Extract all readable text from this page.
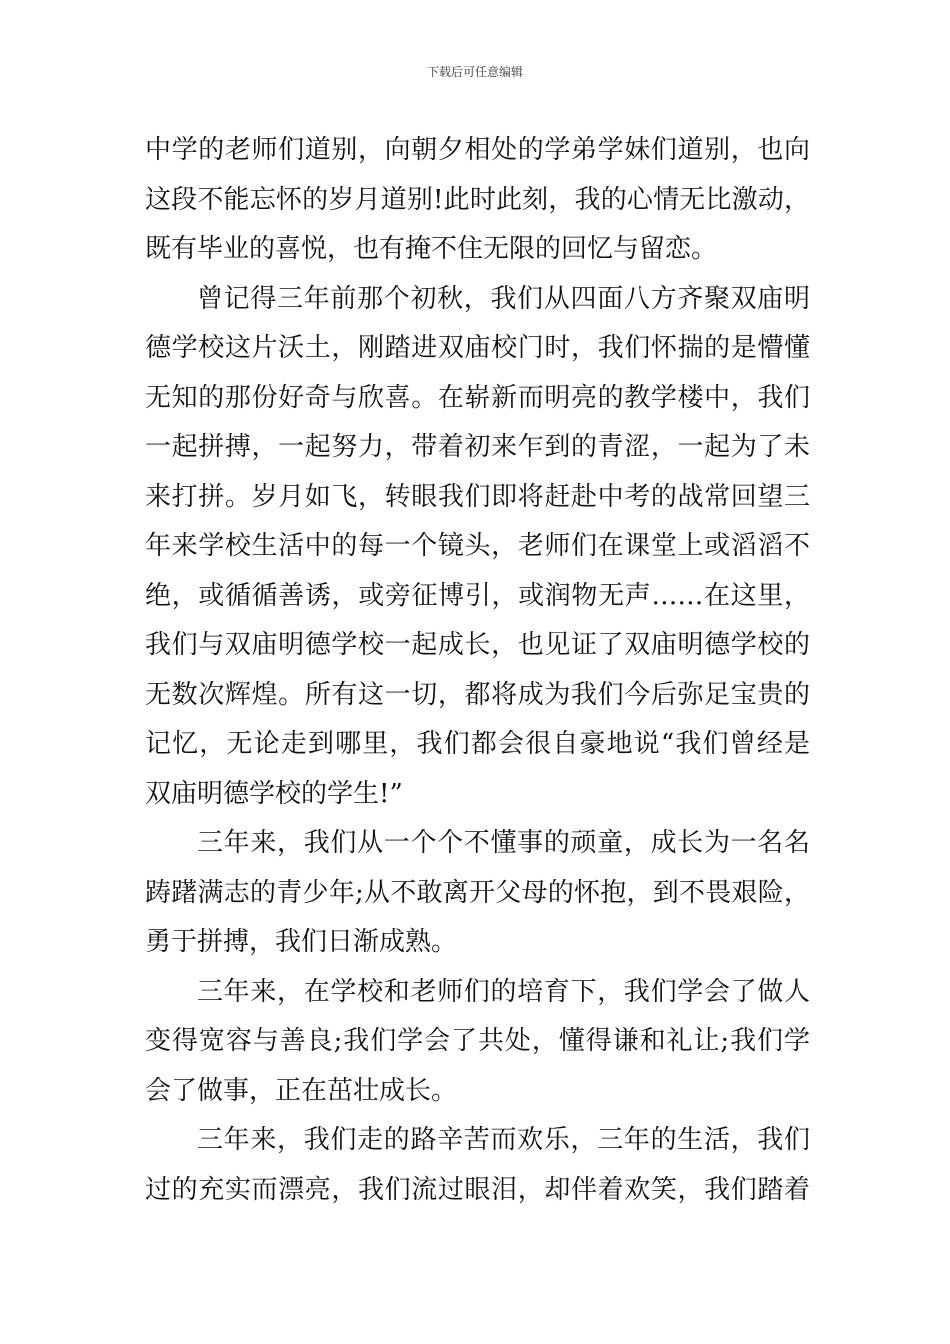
下载后可任意编辑
中学的老师们道别，向朝夕相处的学弟学妹们道别，也向
这段不能忘怀的岁月道别!此时此刻，我的心情无比激动，
既有毕业的喜悦，也有掩不住无限的回忆与留恋。
曾记得三年前那个初秋，我们从四面八方齐聚双庙明
德学校这片沃土，刚踏进双庙校门时，我们怀揣的是懵懂
无知的那份好奇与欣喜。在崭新而明亮的教学楼中，我们
一起拼搏，一起努力，带着初来乍到的青涩，一起为了未
来打拼。岁月如飞，转眼我们即将赶赴中考的战常回望三
年来学校生活中的每一个镜头，老师们在课堂上或滔滔不
绝，或循循善诱，或旁征博引，或润物无声……在这里，
我们与双庙明德学校一起成长，也见证了双庙明德学校的
无数次辉煌。所有这一切，都将成为我们今后弥足宝贵的
记忆，无论走到哪里，我们都会很自豪地说“我们曾经是
双庙明德学校的学生!”
三年来，我们从一个个不懂事的顽童，成长为一名名
踌躇满志的青少年;从不敢离开父母的怀抱，到不畏艰险，
勇于拼搏，我们日渐成熟。
三年来，在学校和老师们的培育下，我们学会了做人
变得宽容与善良;我们学会了共处，懂得谦和礼让;我们学
会了做事，正在茁壮成长。
三年来，我们走的路辛苦而欢乐，三年的生活，我们
过的充实而漂亮，我们流过眼泪，却伴着欢笑，我们踏着
